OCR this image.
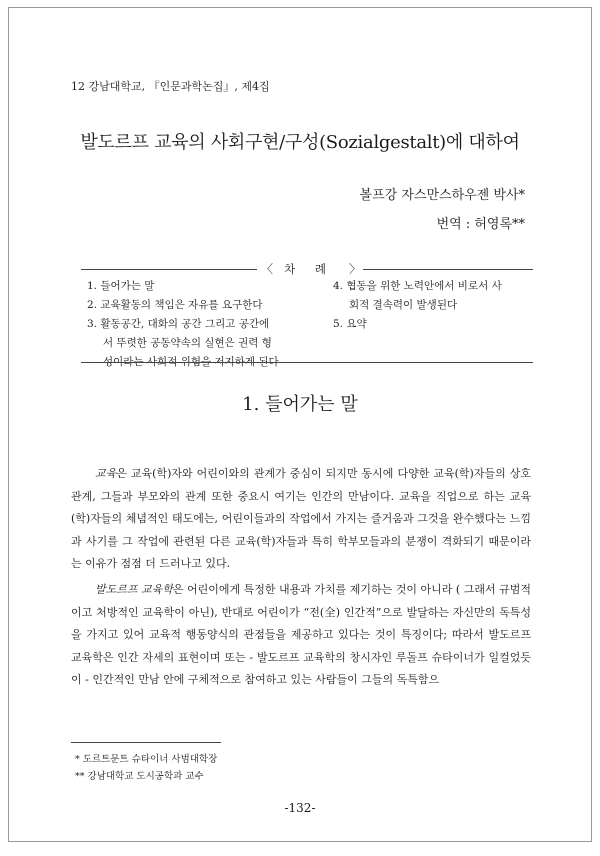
12 강남대학교, 『인문과학논집』, 제4집

발도르프 교육의 사회구현/구성(Sozialgestalt)에 대하여

볼프강 자스만스하우젠 박사*

번역 : 허영록**

〈 차 례	〉
1. 들어가는 말
2. 교육활동의 책임은 자유를 요구한다
3. 활동공간, 대화의 공간 그리고 공간에
서 뚜렷한 공동약속의 실현은 권력 형
성이라는 사회적 위험을 저지하게 된다
4. 협동을 위한 노력안에서 비로서 사
회적 결속력이 발생된다
5. 요약
1. 들어가는 말

교육은 교육(학)자와 어린이와의 관계가 중심이 되지만 동시에 다양한 교육(학)자들의 상호 관계, 그들과 부모와의 관계 또한 중요시 여기는 인간의 만남이다. 교육을 직업으로 하는 교육(학)자들의 체념적인 태도에는, 어린이들과의 작업에서 가지는 즐거움과 그것을 완수했다는 느낌과 사기를 그 작업에 관련된 다른 교육(학)자들과 특히 학부모들과의 분쟁이 격화되기 때문이라는 이유가 점점 더 드러나고 있다.

발도르프 교육학은 어린이에게 특정한 내용과 가치를 제기하는 것이 아니라 ( 그래서 규범적이고 처방적인 교육학이 아닌), 반대로 어린이가 “전(全) 인간적”으로 발달하는 자신만의 독특성을 가지고 있어 교육적 행동양식의 관점들을 제공하고 있다는 것이 특징이다; 따라서 발도르프 교육학은 인간 자세의 표현이며 또는 - 발도르프 교육학의 창시자인 루돌프 슈타이너가 일컬었듯이 - 인간적인 만남 안에 구체적으로 참여하고 있는 사람들이 그들의 독특함으

* 도르트문트 슈타이너 사범대학장

** 강남대학교 도시공학과 교수

-132-
